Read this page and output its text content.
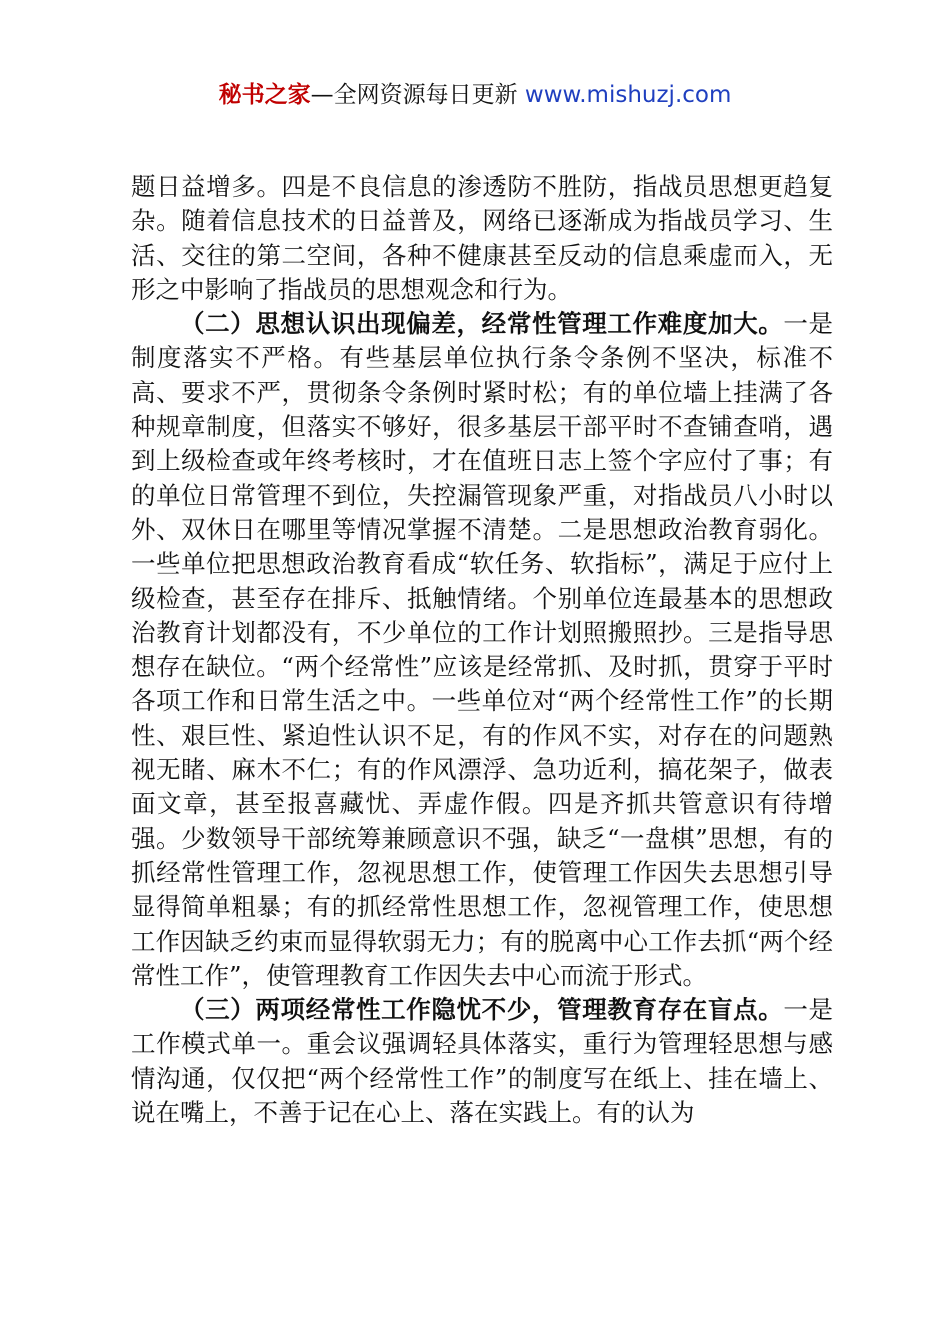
秘书之家—全网资源每日更新 www.mishuzj.com

题日益增多。四是不良信息的渗透防不胜防，指战员思想更趋复杂。随着信息技术的日益普及，网络已逐渐成为指战员学习、生活、交往的第二空间，各种不健康甚至反动的信息乘虚而入，无形之中影响了指战员的思想观念和行为。

（二）思想认识出现偏差，经常性管理工作难度加大。一是制度落实不严格。有些基层单位执行条令条例不坚决，标准不高、要求不严，贯彻条令条例时紧时松；有的单位墙上挂满了各种规章制度，但落实不够好，很多基层干部平时不查铺查哨，遇到上级检查或年终考核时，才在值班日志上签个字应付了事；有的单位日常管理不到位，失控漏管现象严重，对指战员八小时以外、双休日在哪里等情况掌握不清楚。二是思想政治教育弱化。一些单位把思想政治教育看成“软任务、软指标”，满足于应付上级检查，甚至存在排斥、抵触情绪。个别单位连最基本的思想政治教育计划都没有，不少单位的工作计划照搬照抄。三是指导思想存在缺位。“两个经常性”应该是经常抓、及时抓，贯穿于平时各项工作和日常生活之中。一些单位对“两个经常性工作”的长期性、艰巨性、紧迫性认识不足，有的作风不实，对存在的问题熟视无睹、麻木不仁；有的作风漂浮、急功近利，搞花架子，做表面文章，甚至报喜藏忧、弄虚作假。四是齐抓共管意识有待增强。少数领导干部统筹兼顾意识不强，缺乏“一盘棋”思想，有的抓经常性管理工作，忽视思想工作，使管理工作因失去思想引导显得简单粗暴；有的抓经常性思想工作，忽视管理工作，使思想工作因缺乏约束而显得软弱无力；有的脱离中心工作去抓“两个经常性工作”，使管理教育工作因失去中心而流于形式。

（三）两项经常性工作隐忧不少，管理教育存在盲点。一是工作模式单一。重会议强调轻具体落实，重行为管理轻思想与感情沟通，仅仅把“两个经常性工作”的制度写在纸上、挂在墙上、说在嘴上，不善于记在心上、落在实践上。有的认为
